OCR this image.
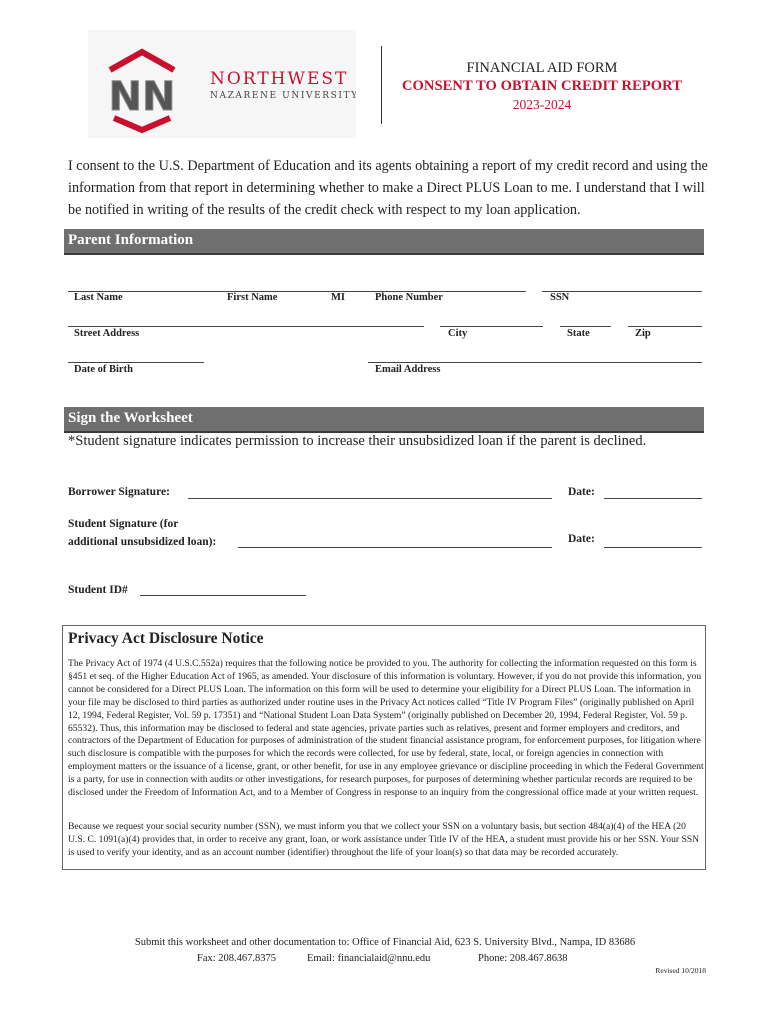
NN NORTHWEST
NAZARENE UNIVERSITY
FINANCIAL AID FORM
CONSENT TO OBTAIN CREDIT REPORT
2023-2024
I consent to the U.S. Department of Education and its agents obtaining a report of my credit record and using the information from that report in determining whether to make a Direct PLUS Loan to me. I understand that I will be notified in writing of the results of the credit check with respect to my loan application.
Parent Information
Last Name	First Name	MI	Phone Number	SSN
Street Address	City	State	Zip
Date of Birth	Email Address
Sign the Worksheet
*Student signature indicates permission to increase their unsubsidized loan if the parent is declined.
Borrower Signature:	Date:
Student Signature (for
additional unsubsidized loan):	Date:
Student ID#
Privacy Act Disclosure Notice
The Privacy Act of 1974 (4 U.S.C.552a) requires that the following notice be provided to you. The authority for collecting the information requested on this form is §451 et seq. of the Higher Education Act of 1965, as amended. Your disclosure of this information is voluntary. However, if you do not provide this information, you cannot be considered for a Direct PLUS Loan. The information on this form will be used to determine your eligibility for a Direct PLUS Loan. The information in your file may be disclosed to third parties as authorized under routine uses in the Privacy Act notices called “Title IV Program Files” (originally published on April 12, 1994, Federal Register, Vol. 59 p. 17351) and “National Student Loan Data System” (originally published on December 20, 1994, Federal Register, Vol. 59 p. 65532). Thus, this information may be disclosed to federal and state agencies, private parties such as relatives, present and former employers and creditors, and contractors of the Department of Education for purposes of administration of the student financial assistance program, for enforcement purposes, for litigation where such disclosure is compatible with the purposes for which the records were collected, for use by federal, state, local, or foreign agencies in connection with employment matters or the issuance of a license, grant, or other benefit, for use in any employee grievance or discipline proceeding in which the Federal Government is a party, for use in connection with audits or other investigations, for research purposes, for purposes of determining whether particular records are required to be disclosed under the Freedom of Information Act, and to a Member of Congress in response to an inquiry from the congressional office made at your written request.
Because we request your social security number (SSN), we must inform you that we collect your SSN on a voluntary basis, but section 484(a)(4) of the HEA (20 U.S. C. 1091(a)(4) provides that, in order to receive any grant, loan, or work assistance under Title IV of the HEA, a student must provide his or her SSN. Your SSN is used to verify your identity, and as an account number (identifier) throughout the life of your loan(s) so that data may be recorded accurately.
Submit this worksheet and other documentation to: Office of Financial Aid, 623 S. University Blvd., Nampa, ID 83686
Fax: 208.467.8375	Email: financialaid@nnu.edu	Phone: 208.467.8638
Revised 10/2018
